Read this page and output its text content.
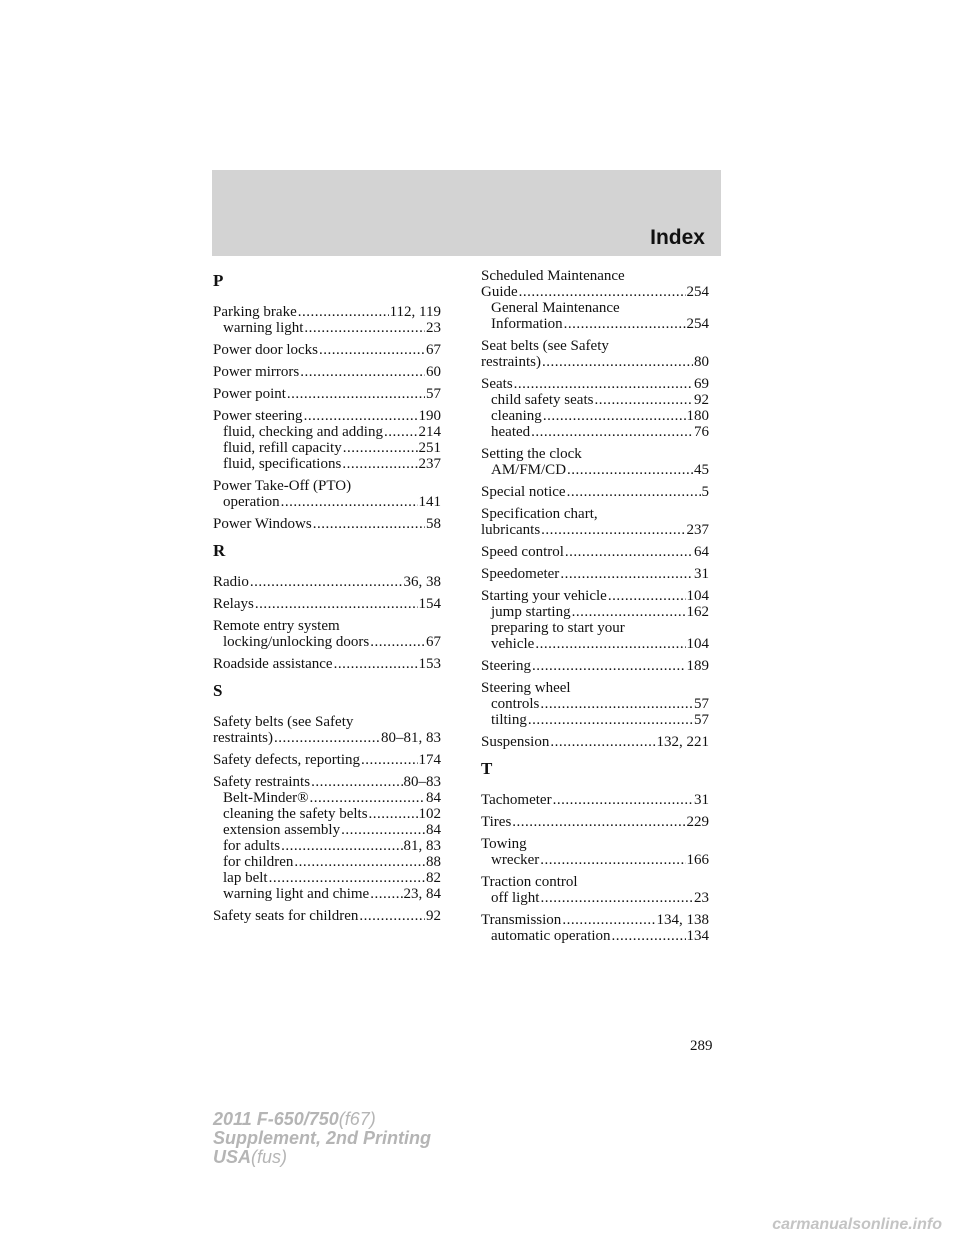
Index
P
Parking brake .....	112, 119
warning light .....	23
Power door locks .....	67
Power mirrors .....	60
Power point .....	57
Power steering .....	190
fluid, checking and adding ..... 214
fluid, refill capacity .....	251
fluid, specifications .....	237
Power Take-Off (PTO)
operation .....	141
Power Windows .....	58
R
Radio .....	36, 38
Relays .....	154
Remote entry system
locking/unlocking doors .....	67
Roadside assistance .....	153
S
Safety belts (see Safety
restraints) .....	80–81, 83
Safety defects, reporting .....	174
Safety restraints .....	80–83
Belt-Minder® .....	84
cleaning the safety belts .....	102
extension assembly .....	84
for adults .....	81, 83
for children .....	88
lap belt .....	82
warning light and chime ..... 23, 84
Safety seats for children .....	92
Scheduled Maintenance
Guide .....	254
General Maintenance
Information .....	254
Seat belts (see Safety
restraints) .....	80
Seats .....	69
child safety seats .....	92
cleaning .....	180
heated .....	76
Setting the clock
AM/FM/CD .....	45
Special notice .....	5
Specification chart,
lubricants .....	237
Speed control .....	64
Speedometer .....	31
Starting your vehicle .....	104
jump starting .....	162
preparing to start your
vehicle .....	104
Steering .....	189
Steering wheel
controls .....	57
tilting .....	57
Suspension .....	132, 221
T
Tachometer .....	31
Tires .....	229
Towing
wrecker .....	166
Traction control
off light .....	23
Transmission .....	134, 138
automatic operation .....	134
289
2011 F-650/750(f67)
Supplement, 2nd Printing
USA(fus)
carmanualsonline.info
